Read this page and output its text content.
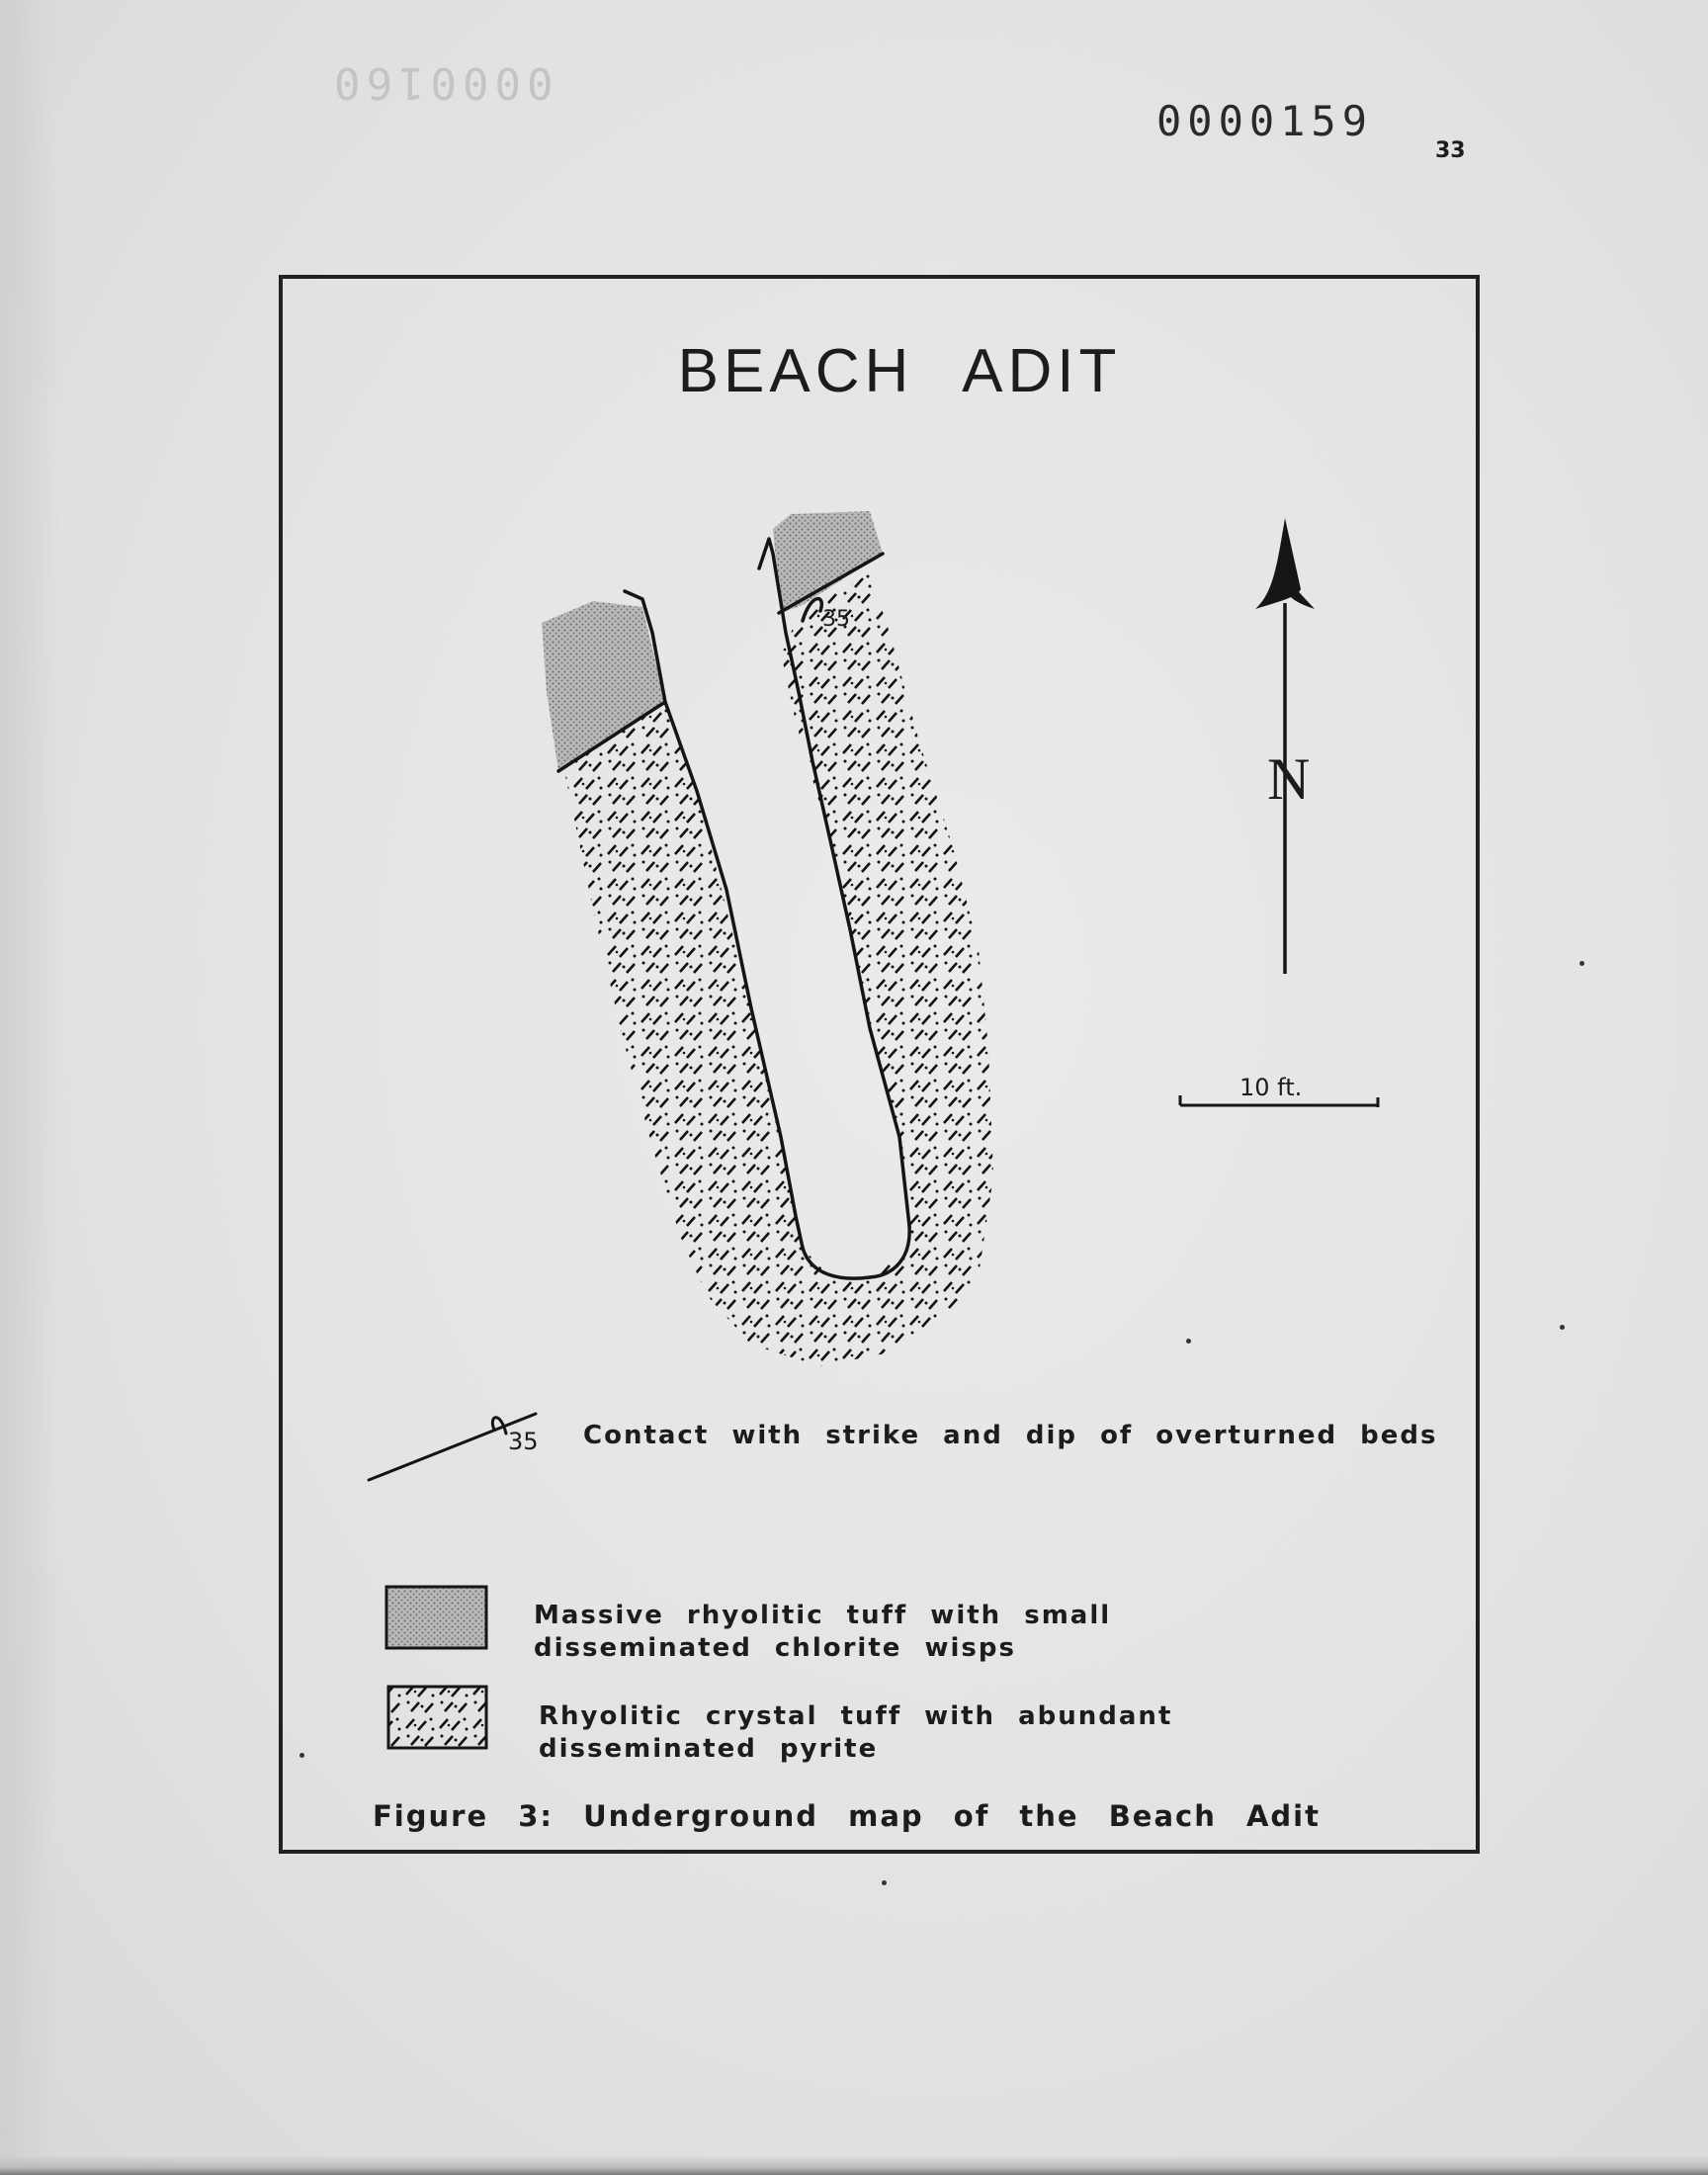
0000160
0000159
33
BEACH ADIT
35
N
10 ft.
35 Contact with strike and dip of overturned beds
Massive rhyolitic tuff with small disseminated chlorite wisps
Rhyolitic crystal tuff with abundant disseminated pyrite
Figure 3: Underground map of the Beach Adit
